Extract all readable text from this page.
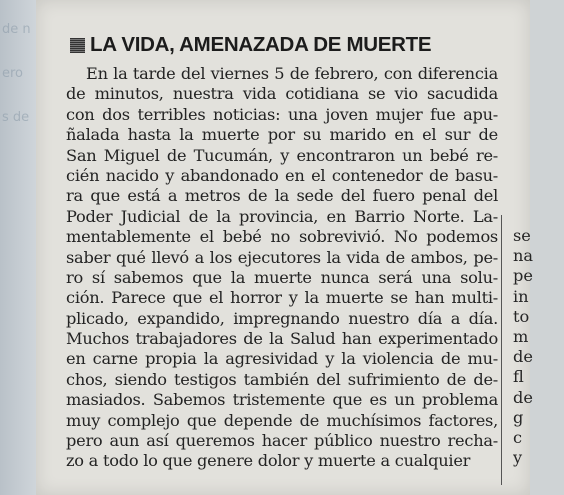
de n
ero
s de
LA VIDA, AMENAZADA DE MUERTE
En la tarde del viernes 5 de febrero, con diferencia
de minutos, nuestra vida cotidiana se vio sacudida
con dos terribles noticias: una joven mujer fue apu-
ñalada hasta la muerte por su marido en el sur de
San Miguel de Tucumán, y encontraron un bebé re-
cién nacido y abandonado en el contenedor de basu-
ra que está a metros de la sede del fuero penal del
Poder Judicial de la provincia, en Barrio Norte. La-
mentablemente el bebé no sobrevivió. No podemos
saber qué llevó a los ejecutores la vida de ambos, pe-
ro sí sabemos que la muerte nunca será una solu-
ción. Parece que el horror y la muerte se han multi-
plicado, expandido, impregnando nuestro día a día.
Muchos trabajadores de la Salud han experimentado
en carne propia la agresividad y la violencia de mu-
chos, siendo testigos también del sufrimiento de de-
masiados. Sabemos tristemente que es un problema
muy complejo que depende de muchísimos factores,
pero aun así queremos hacer público nuestro recha-
zo a todo lo que genere dolor y muerte a cualquier
se
na
pe
in
to
m
de
fl
de
g
c
y
